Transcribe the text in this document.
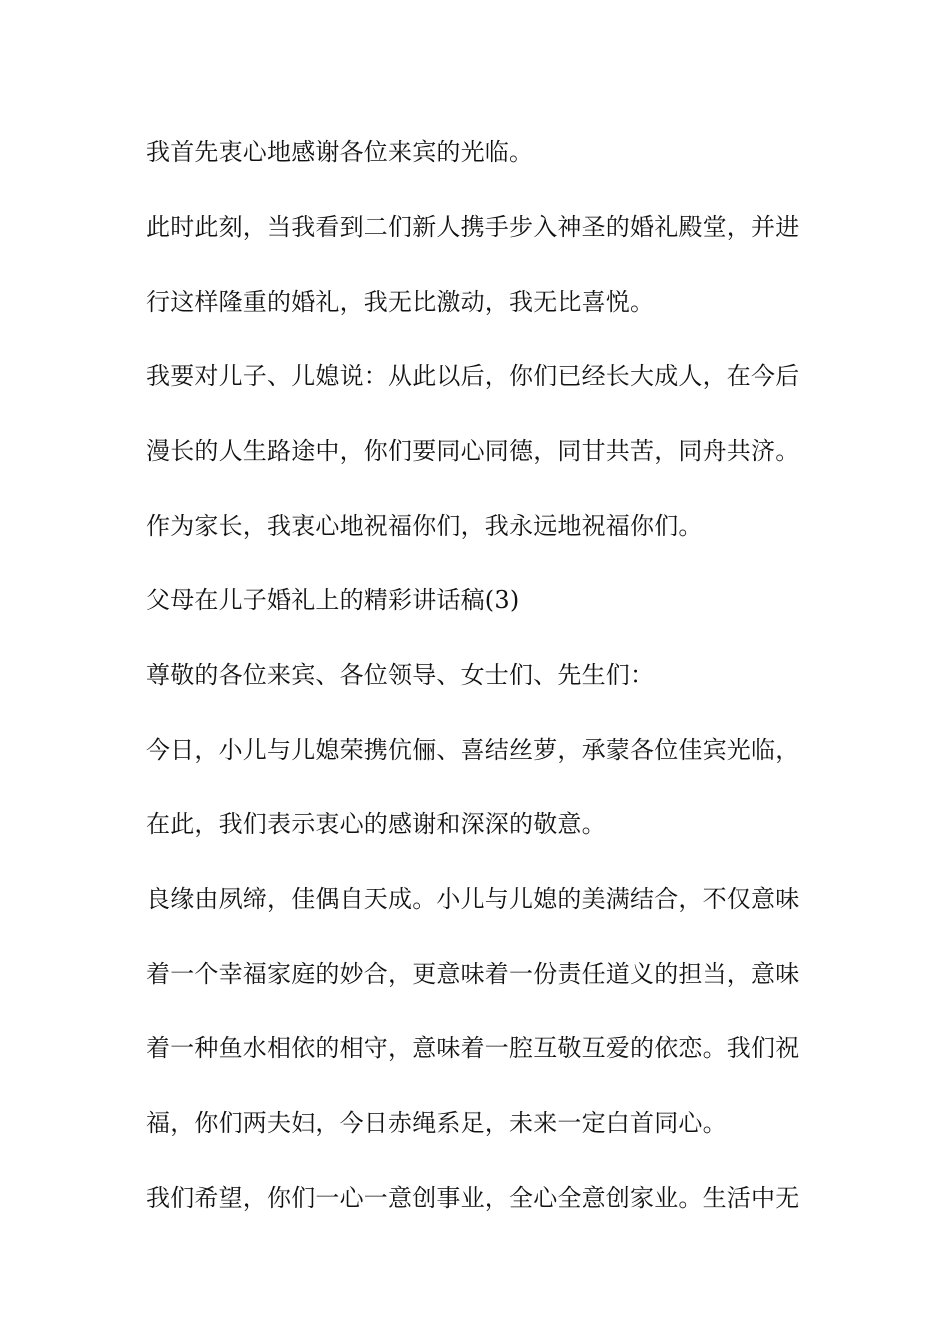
我首先衷心地感谢各位来宾的光临。
此时此刻，当我看到二们新人携手步入神圣的婚礼殿堂，并进
行这样隆重的婚礼，我无比激动，我无比喜悦。
我要对儿子、儿媳说：从此以后，你们已经长大成人，在今后
漫长的人生路途中，你们要同心同德，同甘共苦，同舟共济。
作为家长，我衷心地祝福你们，我永远地祝福你们。
父母在儿子婚礼上的精彩讲话稿(3)
尊敬的各位来宾、各位领导、女士们、先生们：
今日，小儿与儿媳荣携伉俪、喜结丝萝，承蒙各位佳宾光临，
在此，我们表示衷心的感谢和深深的敬意。
良缘由夙缔，佳偶自天成。小儿与儿媳的美满结合，不仅意味
着一个幸福家庭的妙合，更意味着一份责任道义的担当，意味
着一种鱼水相依的相守，意味着一腔互敬互爱的依恋。我们祝
福，你们两夫妇，今日赤绳系足，未来一定白首同心。
我们希望，你们一心一意创事业，全心全意创家业。生活中无
